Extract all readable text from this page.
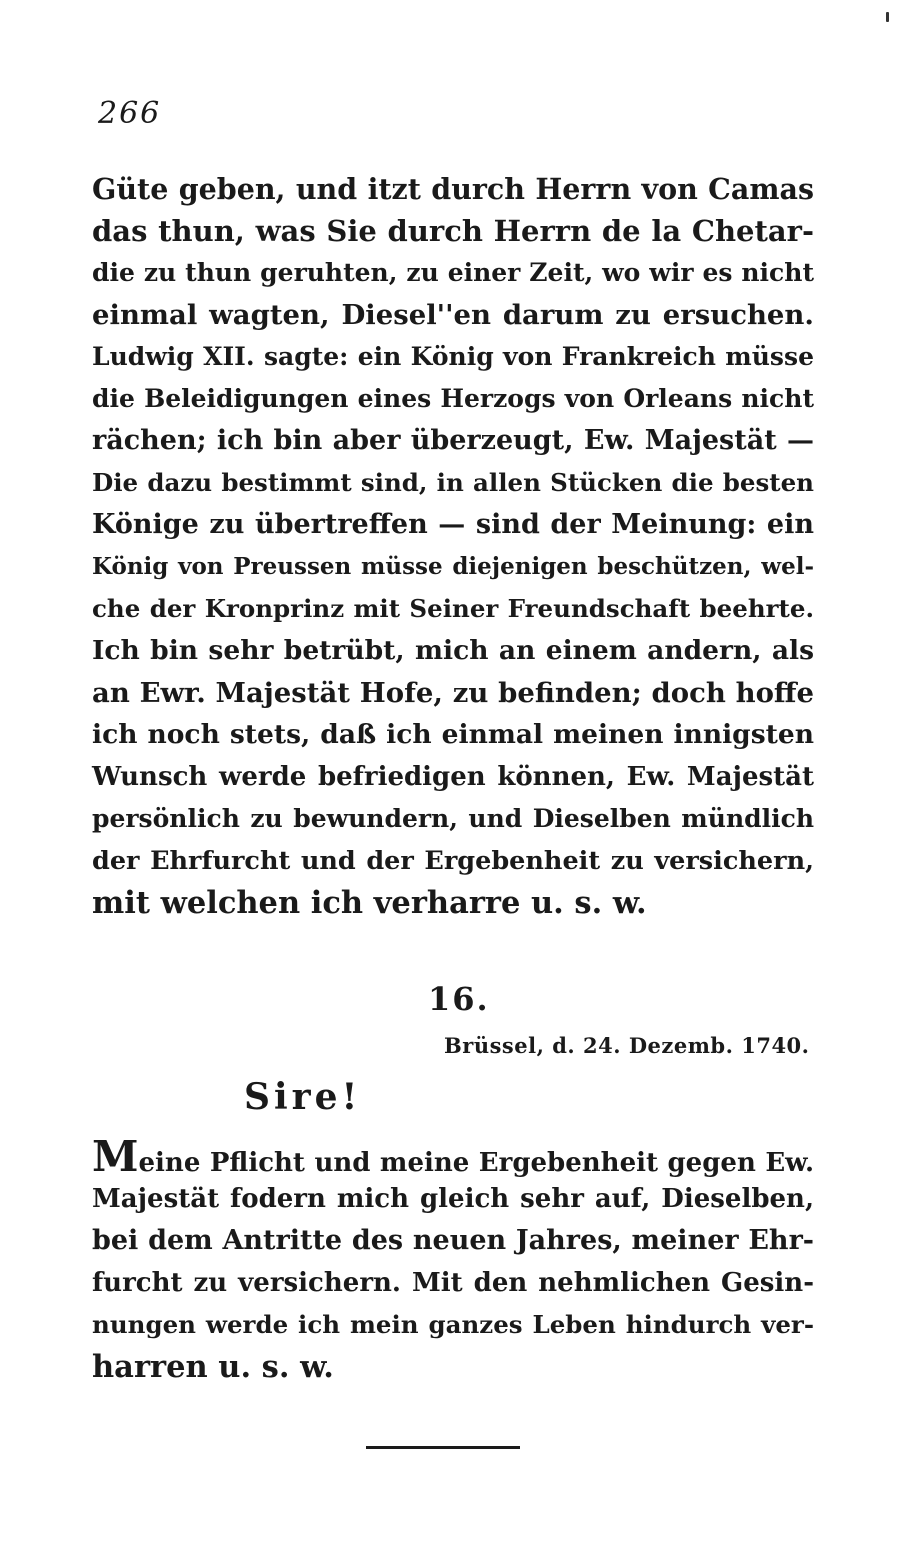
266
Güte geben, und itzt durch Herrn von Camas
das thun, was Sie durch Herrn de la Chetar-
die zu thun geruhten, zu einer Zeit, wo wir es nicht
einmal wagten, Diesel''en darum zu ersuchen.
Ludwig XII. sagte: ein König von Frankreich müsse
die Beleidigungen eines Herzogs von Orleans nicht
rächen; ich bin aber überzeugt, Ew. Majestät —
Die dazu bestimmt sind, in allen Stücken die besten
Könige zu übertreffen — sind der Meinung: ein
König von Preussen müsse diejenigen beschützen, wel-
che der Kronprinz mit Seiner Freundschaft beehrte.
Ich bin sehr betrübt, mich an einem andern, als
an Ewr. Majestät Hofe, zu befinden; doch hoffe
ich noch stets, daß ich einmal meinen innigsten
Wunsch werde befriedigen können, Ew. Majestät
persönlich zu bewundern, und Dieselben mündlich
der Ehrfurcht und der Ergebenheit zu versichern,
mit welchen ich verharre u. s. w.
16.
Brüssel, d. 24. Dezemb. 1740.
Sire!
Meine Pflicht und meine Ergebenheit gegen Ew.
Majestät fodern mich gleich sehr auf, Dieselben,
bei dem Antritte des neuen Jahres, meiner Ehr-
furcht zu versichern. Mit den nehmlichen Gesin-
nungen werde ich mein ganzes Leben hindurch ver-
harren u. s. w.
